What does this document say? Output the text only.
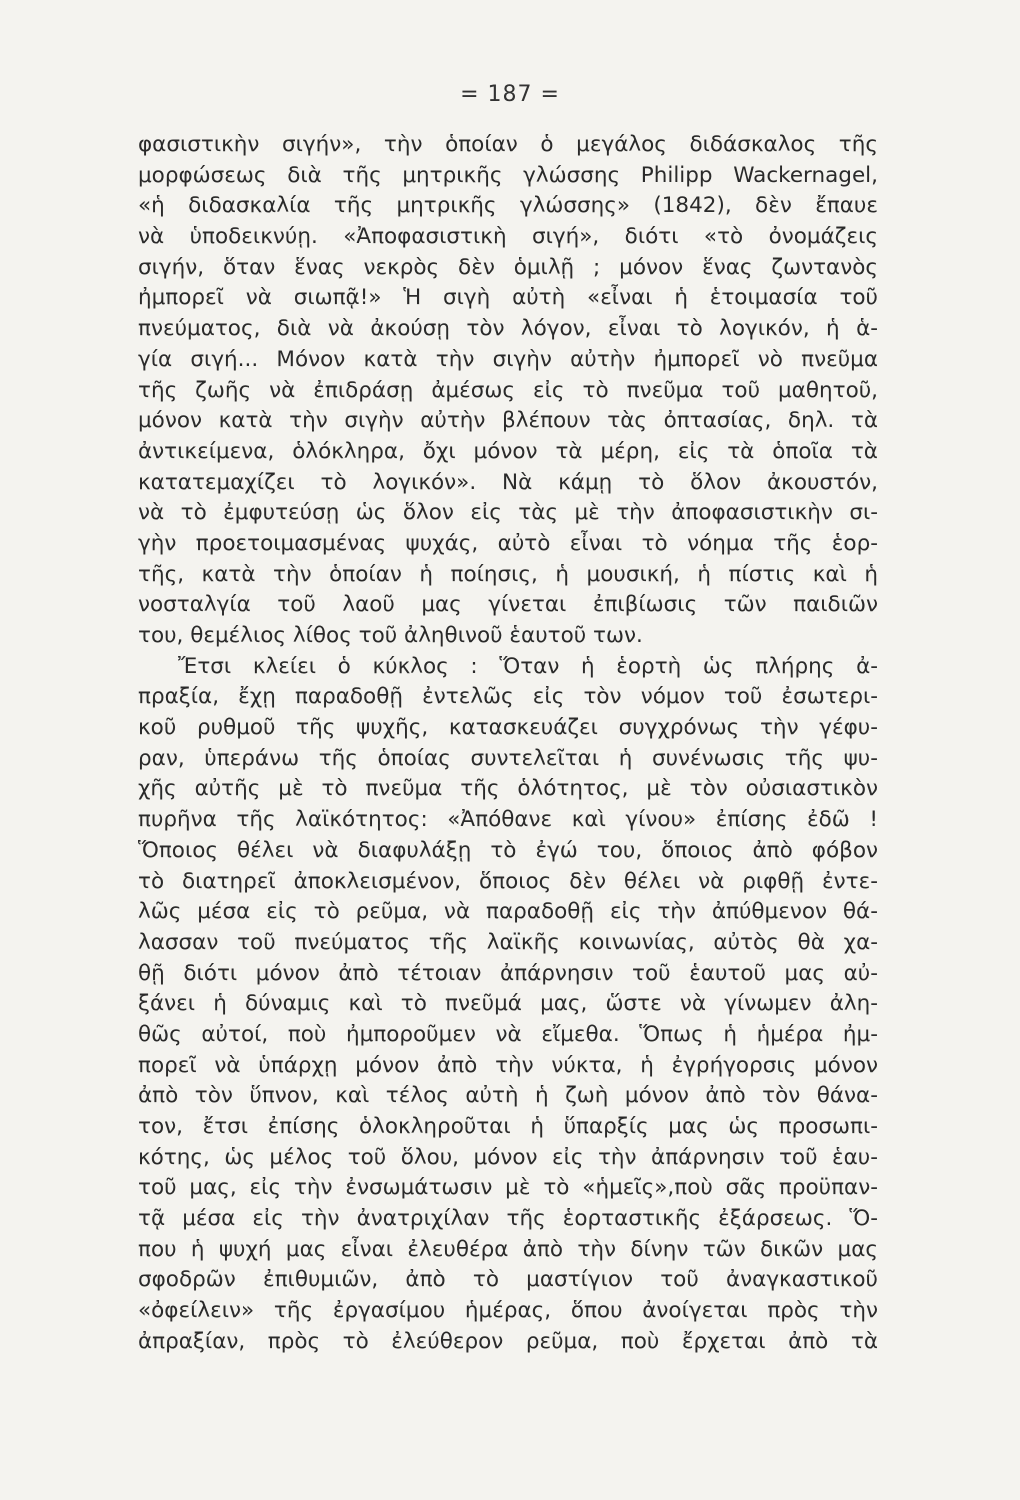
= 187 =
φασιστικὴν σιγήν», τὴν ὁποίαν ὁ μεγάλος διδάσκαλος τῆς
μορφώσεως διὰ τῆς μητρικῆς γλώσσης Philipp Wackernagel,
«ἡ διδασκαλία τῆς μητρικῆς γλώσσης» (1842), δὲν ἔπαυε
νὰ ὑποδεικνύῃ. «Ἀποφασιστικὴ σιγή», διότι «τὸ ὀνομάζεις
σιγήν, ὅταν ἕνας νεκρὸς δὲν ὁμιλῇ ; μόνον ἕνας ζωντανὸς
ἠμπορεῖ νὰ σιωπᾷ!» Ἡ σιγὴ αὐτὴ «εἶναι ἡ ἑτοιμασία τοῦ
πνεύματος, διὰ νὰ ἀκούσῃ τὸν λόγον, εἶναι τὸ λογικόν, ἡ ἁ-
γία σιγή... Μόνον κατὰ τὴν σιγὴν αὐτὴν ἠμπορεῖ νὸ πνεῦμα
τῆς ζωῆς νὰ ἐπιδράσῃ ἀμέσως εἰς τὸ πνεῦμα τοῦ μαθητοῦ,
μόνον κατὰ τὴν σιγὴν αὐτὴν βλέπουν τὰς ὀπτασίας, δηλ. τὰ
ἀντικείμενα, ὁλόκληρα, ὄχι μόνον τὰ μέρη, εἰς τὰ ὁποῖα τὰ
κατατεμαχίζει τὸ λογικόν». Νὰ κάμῃ τὸ ὅλον ἀκουστόν,
νὰ τὸ ἐμφυτεύσῃ ὡς ὅλον εἰς τὰς μὲ τὴν ἀποφασιστικὴν σι-
γὴν προετοιμασμένας ψυχάς, αὐτὸ εἶναι τὸ νόημα τῆς ἑορ-
τῆς, κατὰ τὴν ὁποίαν ἡ ποίησις, ἡ μουσική, ἡ πίστις καὶ ἡ
νοσταλγία τοῦ λαοῦ μας γίνεται ἐπιβίωσις τῶν παιδιῶν
του, θεμέλιος λίθος τοῦ ἀληθινοῦ ἑαυτοῦ των.
Ἔτσι κλείει ὁ κύκλος : Ὅταν ἡ ἑορτὴ ὡς πλήρης ἀ-
πραξία, ἔχῃ παραδοθῇ ἐντελῶς εἰς τὸν νόμον τοῦ ἐσωτερι-
κοῦ ρυθμοῦ τῆς ψυχῆς, κατασκευάζει συγχρόνως τὴν γέφυ-
ραν, ὑπεράνω τῆς ὁποίας συντελεῖται ἡ συνένωσις τῆς ψυ-
χῆς αὐτῆς μὲ τὸ πνεῦμα τῆς ὁλότητος, μὲ τὸν οὐσιαστικὸν
πυρῆνα τῆς λαϊκότητος: «Ἀπόθανε καὶ γίνου» ἐπίσης ἐδῶ !
Ὅποιος θέλει νὰ διαφυλάξῃ τὸ ἐγώ του, ὅποιος ἀπὸ φόβον
τὸ διατηρεῖ ἀποκλεισμένον, ὅποιος δὲν θέλει νὰ ριφθῇ ἐντε-
λῶς μέσα εἰς τὸ ρεῦμα, νὰ παραδοθῇ εἰς τὴν ἀπύθμενον θά-
λασσαν τοῦ πνεύματος τῆς λαϊκῆς κοινωνίας, αὐτὸς θὰ χα-
θῇ διότι μόνον ἀπὸ τέτοιαν ἀπάρνησιν τοῦ ἑαυτοῦ μας αὐ-
ξάνει ἡ δύναμις καὶ τὸ πνεῦμά μας, ὥστε νὰ γίνωμεν ἀλη-
θῶς αὐτοί, ποὺ ἠμποροῦμεν νὰ εἴμεθα. Ὅπως ἡ ἡμέρα ἠμ-
πορεῖ νὰ ὑπάρχῃ μόνον ἀπὸ τὴν νύκτα, ἡ ἐγρήγορσις μόνον
ἀπὸ τὸν ὕπνον, καὶ τέλος αὐτὴ ἡ ζωὴ μόνον ἀπὸ τὸν θάνα-
τον, ἔτσι ἐπίσης ὁλοκληροῦται ἡ ὕπαρξίς μας ὡς προσωπι-
κότης, ὡς μέλος τοῦ ὅλου, μόνον εἰς τὴν ἀπάρνησιν τοῦ ἑαυ-
τοῦ μας, εἰς τὴν ἐνσωμάτωσιν μὲ τὸ «ἡμεῖς»,ποὺ σᾶς προϋπαν-
τᾷ μέσα εἰς τὴν ἀνατριχίλαν τῆς ἑορταστικῆς ἐξάρσεως. Ὅ-
που ἡ ψυχή μας εἶναι ἐλευθέρα ἀπὸ τὴν δίνην τῶν δικῶν μας
σφοδρῶν ἐπιθυμιῶν, ἀπὸ τὸ μαστίγιον τοῦ ἀναγκαστικοῦ
«ὀφείλειν» τῆς ἐργασίμου ἡμέρας, ὅπου ἀνοίγεται πρὸς τὴν
ἀπραξίαν, πρὸς τὸ ἐλεύθερον ρεῦμα, ποὺ ἔρχεται ἀπὸ τὰ
